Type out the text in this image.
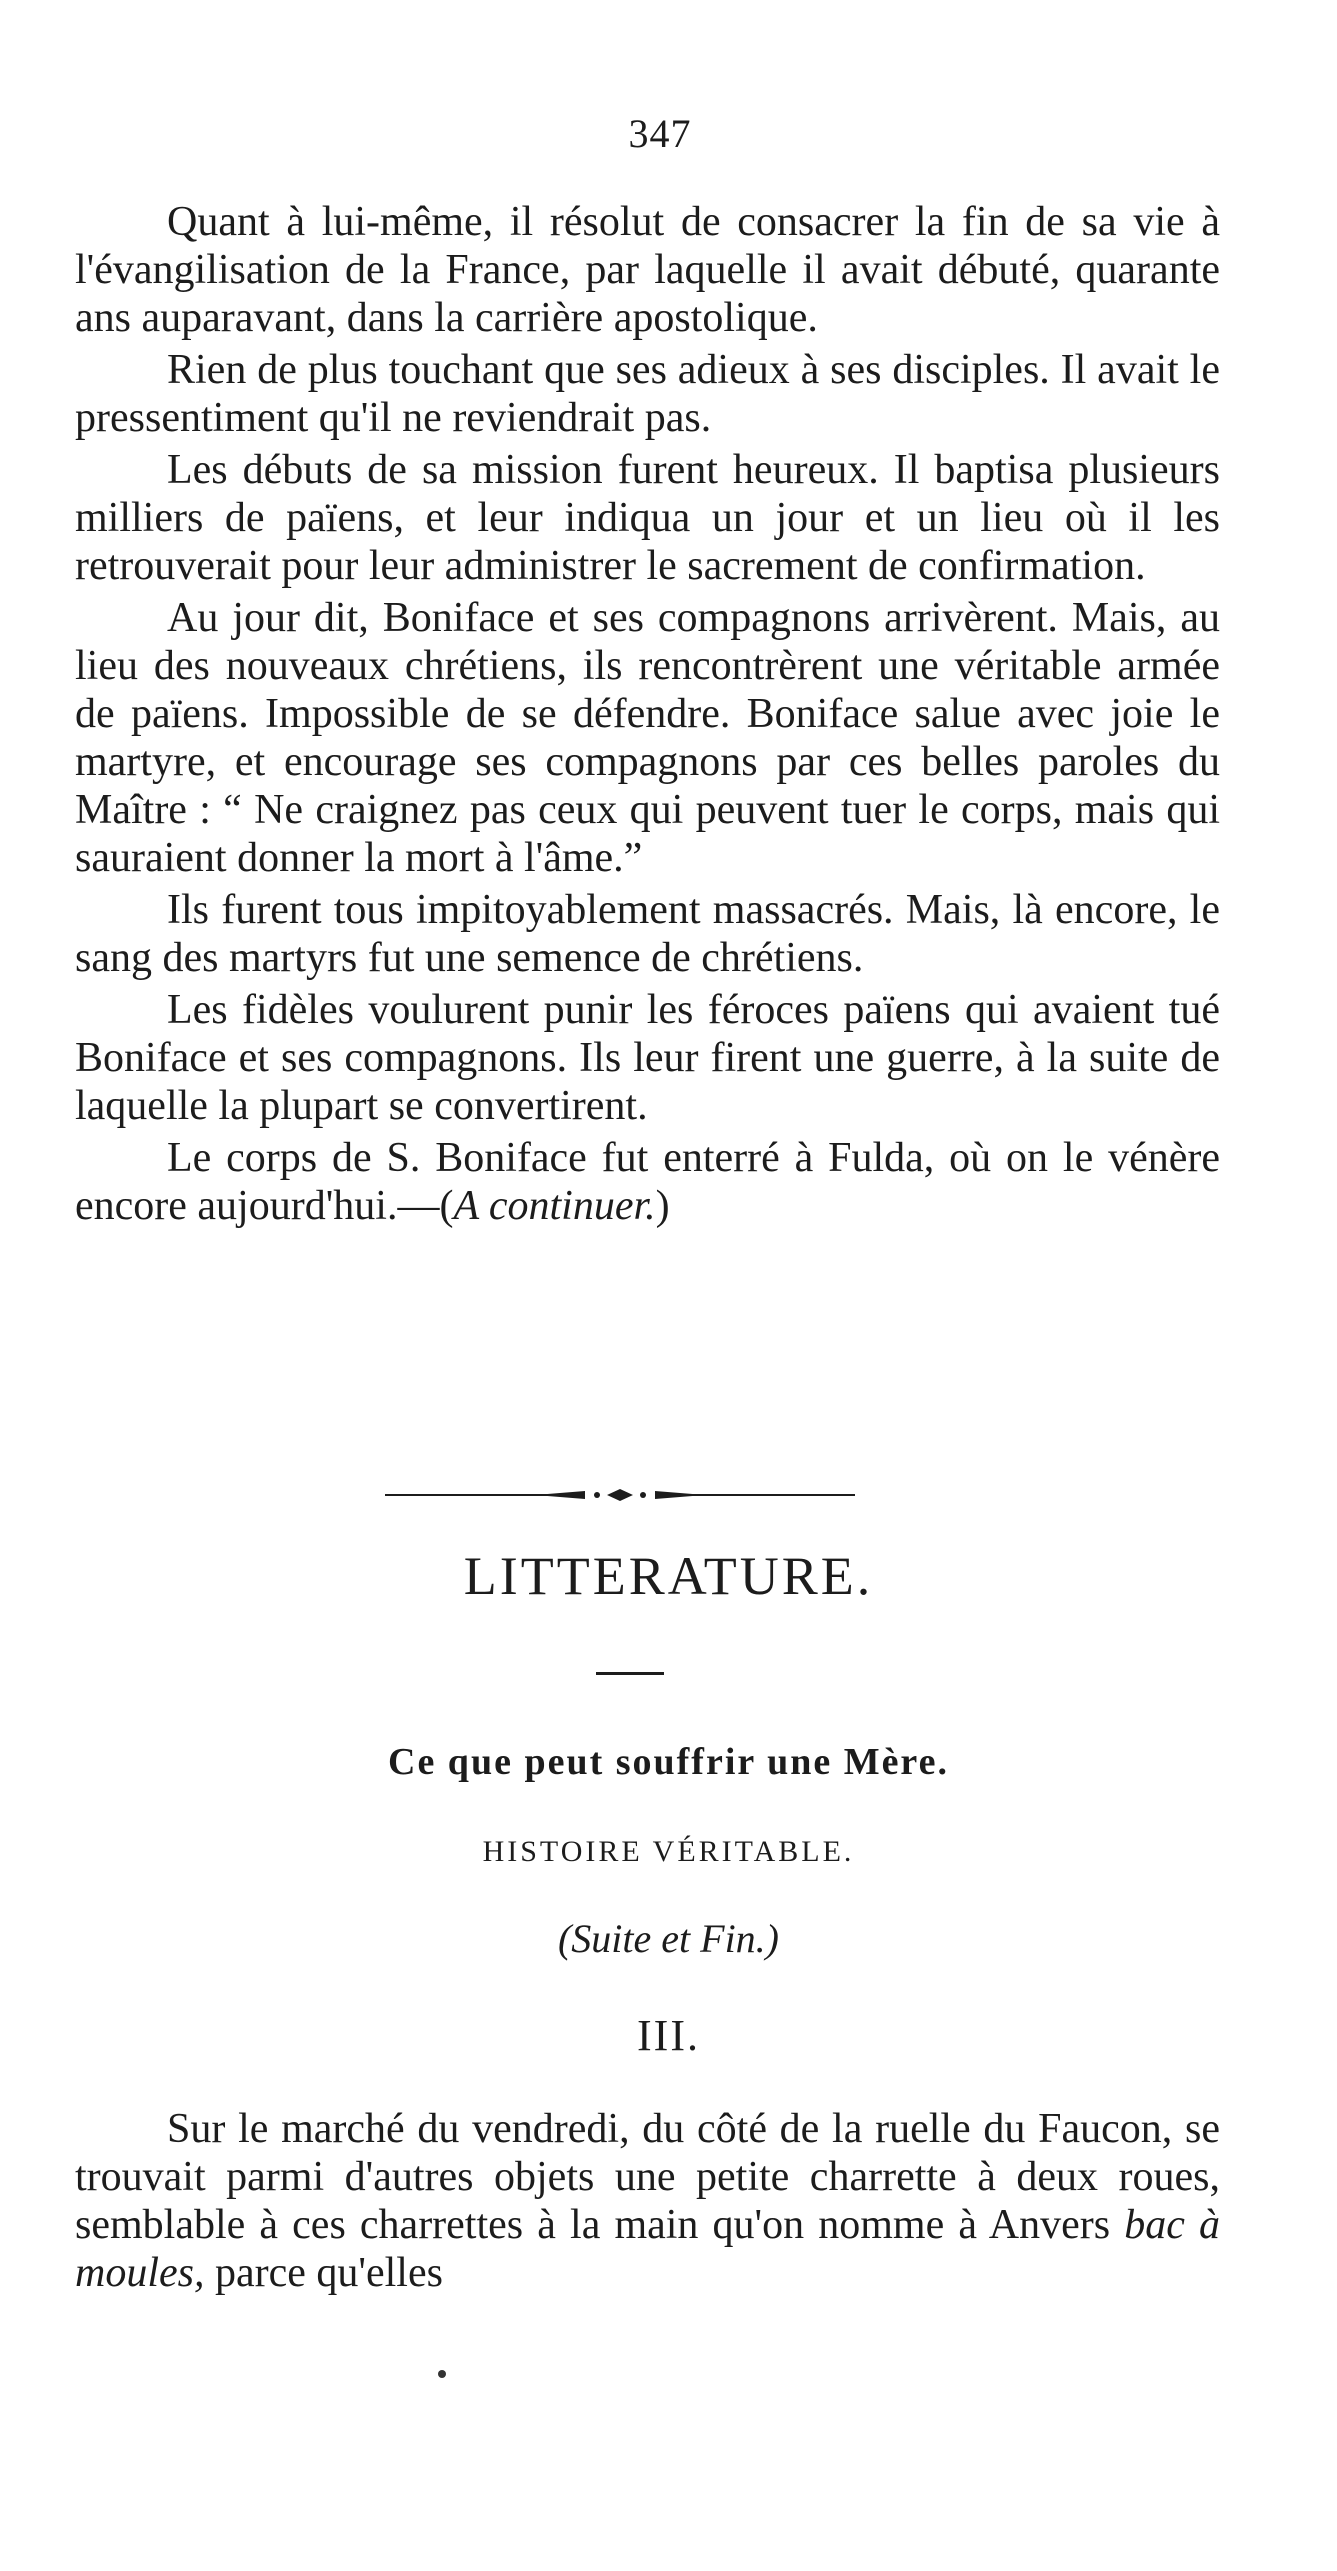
347

Quant à lui-même, il résolut de consacrer la fin de sa vie à l'évangilisation de la France, par laquelle il avait débuté, quarante ans auparavant, dans la carrière apostolique.

Rien de plus touchant que ses adieux à ses disciples. Il avait le pressentiment qu'il ne reviendrait pas.

Les débuts de sa mission furent heureux. Il baptisa plusieurs milliers de païens, et leur indiqua un jour et un lieu où il les retrouverait pour leur administrer le sacrement de confirmation.

Au jour dit, Boniface et ses compagnons arrivèrent. Mais, au lieu des nouveaux chrétiens, ils rencontrèrent une véritable armée de païens. Impossible de se défendre. Boniface salue avec joie le martyre, et encourage ses compagnons par ces belles paroles du Maître : “ Ne craignez pas ceux qui peuvent tuer le corps, mais qui sauraient donner la mort à l'âme.”

Ils furent tous impitoyablement massacrés. Mais, là encore, le sang des martyrs fut une semence de chrétiens.

Les fidèles voulurent punir les féroces païens qui avaient tué Boniface et ses compagnons. Ils leur firent une guerre, à la suite de laquelle la plupart se convertirent.

Le corps de S. Boniface fut enterré à Fulda, où on le vénère encore aujourd'hui.—(A continuer.)

LITTERATURE.
Ce que peut souffrir une Mère.
HISTOIRE VÉRITABLE.
(Suite et Fin.)
III.

Sur le marché du vendredi, du côté de la ruelle du Faucon, se trouvait parmi d'autres objets une petite charrette à deux roues, semblable à ces charrettes à la main qu'on nomme à Anvers bac à moules, parce qu'elles
